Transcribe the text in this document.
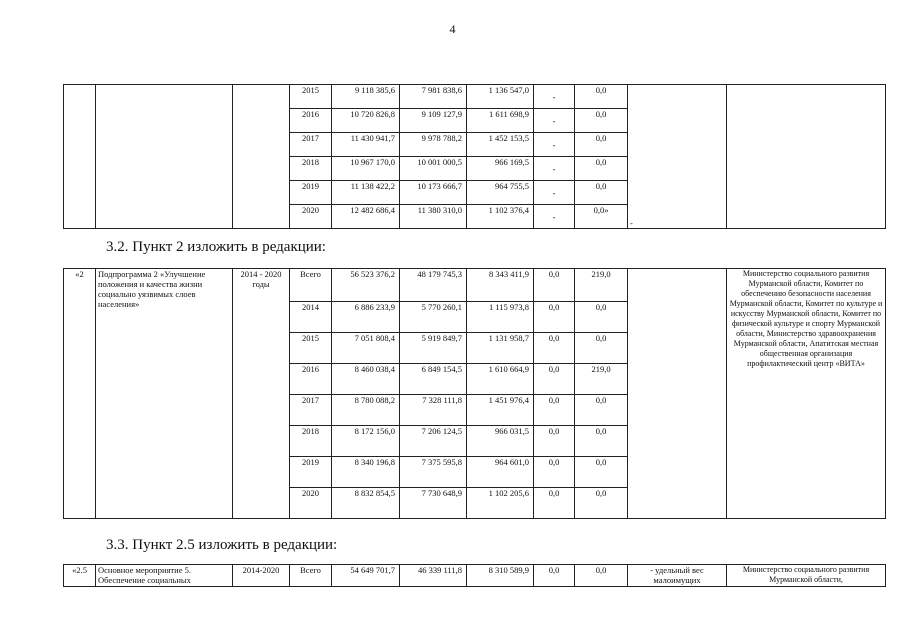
4
			2015	9 118 385,6	7 981 838,6	1 136 547,0	-	0,0	-	
			2016	10 720 826,8	9 109 127,9	1 611 698,9	-	0,0		
			2017	11 430 941,7	9 978 788,2	1 452 153,5	-	0,0		
			2018	10 967 170,0	10 001 000,5	966 169,5	-	0,0		
			2019	11 138 422,2	10 173 666,7	964 755,5	-	0,0		
			2020	12 482 686,4	11 380 310,0	1 102 376,4	-	0,0»		
3.2. Пункт 2 изложить в редакции:
«2	Подпрограмма 2 «Улучшение положения и качества жизни социально уязвимых слоев населения»	2014 - 2020 годы	Всего	56 523 376,2	48 179 745,3	8 343 411,9	0,0	219,0		Министерство социального развития Мурманской области, Комитет по обеспечению безопасности населения Мурманской области, Комитет по культуре и искусству Мурманской области, Комитет по физической культуре и спорту Мурманской области, Министерство здравоохранения Мурманской области, Апатитская местная общественная организация профилактический центр «ВИТА»
			2014	6 886 233,9	5 770 260,1	1 115 973,8	0,0	0,0		
			2015	7 051 808,4	5 919 849,7	1 131 958,7	0,0	0,0		
			2016	8 460 038,4	6 849 154,5	1 610 664,9	0,0	219,0		
			2017	8 780 088,2	7 328 111,8	1 451 976,4	0,0	0,0		
			2018	8 172 156,0	7 206 124,5	966 031,5	0,0	0,0		
			2019	8 340 196,8	7 375 595,8	964 601,0	0,0	0,0		
			2020	8 832 854,5	7 730 648,9	1 102 205,6	0,0	0,0		
3.3. Пункт 2.5 изложить в редакции:
«2.5	Основное мероприятие 5. Обеспечение социальных	2014-2020	Всего	54 649 701,7	46 339 111,8	8 310 589,9	0,0	0,0	- удельный вес малоимущих	Министерство социального развития Мурманской области,
